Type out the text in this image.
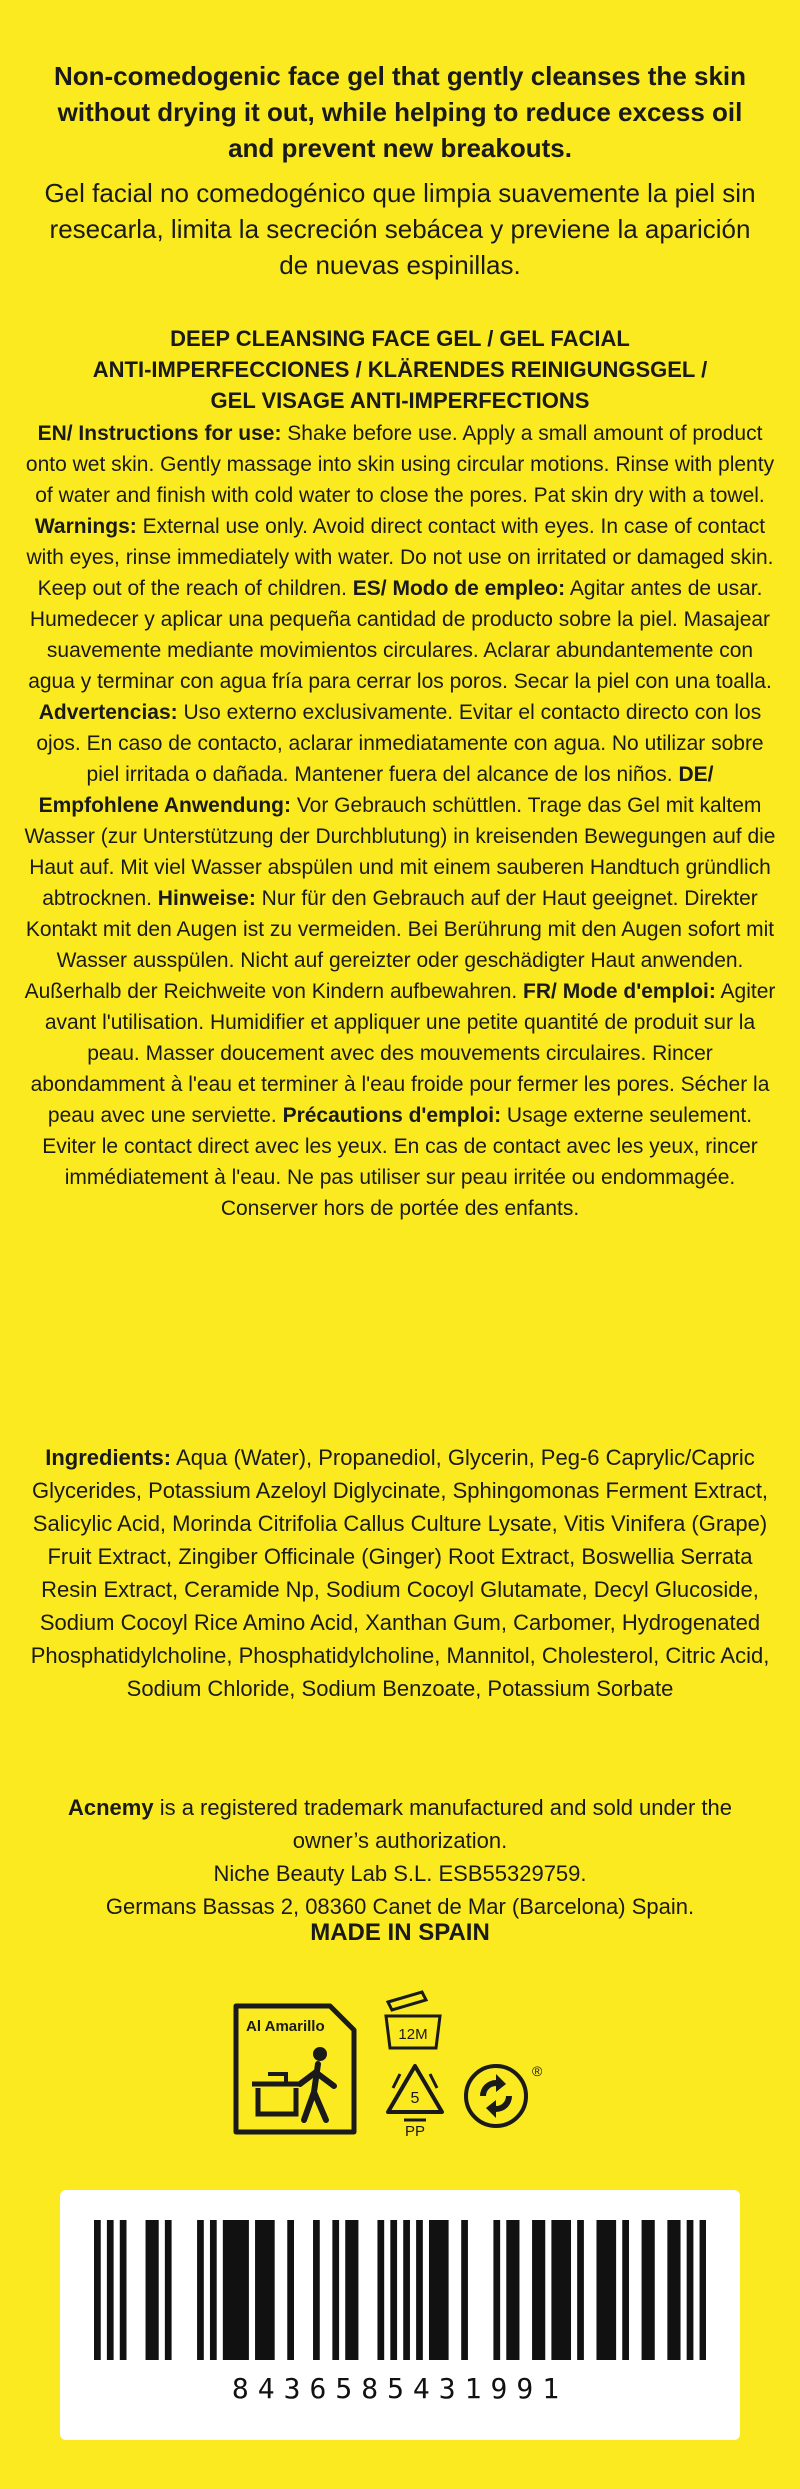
Non-comedogenic face gel that gently cleanses the skin without drying it out, while helping to reduce excess oil and prevent new breakouts.
Gel facial no comedogénico que limpia suavemente la piel sin resecarla, limita la secreción sebácea y previene la aparición de nuevas espinillas.
DEEP CLEANSING FACE GEL / GEL FACIAL
ANTI-IMPERFECCIONES / KLÄRENDES REINIGUNGSGEL /
GEL VISAGE ANTI-IMPERFECTIONS
EN/ Instructions for use: Shake before use. Apply a small amount of product onto wet skin. Gently massage into skin using circular motions. Rinse with plenty of water and finish with cold water to close the pores. Pat skin dry with a towel. Warnings: External use only. Avoid direct contact with eyes. In case of contact with eyes, rinse immediately with water. Do not use on irritated or damaged skin. Keep out of the reach of children. ES/ Modo de empleo: Agitar antes de usar. Humedecer y aplicar una pequeña cantidad de producto sobre la piel. Masajear suavemente mediante movimientos circulares. Aclarar abundantemente con agua y terminar con agua fría para cerrar los poros. Secar la piel con una toalla. Advertencias: Uso externo exclusivamente. Evitar el contacto directo con los ojos. En caso de contacto, aclarar inmediatamente con agua. No utilizar sobre piel irritada o dañada. Mantener fuera del alcance de los niños. DE/ Empfohlene Anwendung: Vor Gebrauch schüttlen. Trage das Gel mit kaltem Wasser (zur Unterstützung der Durchblutung) in kreisenden Bewegungen auf die Haut auf. Mit viel Wasser abspülen und mit einem sauberen Handtuch gründlich abtrocknen. Hinweise: Nur für den Gebrauch auf der Haut geeignet. Direkter Kontakt mit den Augen ist zu vermeiden. Bei Berührung mit den Augen sofort mit Wasser ausspülen. Nicht auf gereizter oder geschädigter Haut anwenden. Außerhalb der Reichweite von Kindern aufbewahren. FR/ Mode d'emploi: Agiter avant l'utilisation. Humidifier et appliquer une petite quantité de produit sur la peau. Masser doucement avec des mouvements circulaires. Rincer abondamment à l'eau et terminer à l'eau froide pour fermer les pores. Sécher la peau avec une serviette. Précautions d'emploi: Usage externe seulement. Eviter le contact direct avec les yeux. En cas de contact avec les yeux, rincer immédiatement à l'eau. Ne pas utiliser sur peau irritée ou endommagée. Conserver hors de portée des enfants.
Ingredients: Aqua (Water), Propanediol, Glycerin, Peg-6 Caprylic/Capric Glycerides, Potassium Azeloyl Diglycinate, Sphingomonas Ferment Extract, Salicylic Acid, Morinda Citrifolia Callus Culture Lysate, Vitis Vinifera (Grape) Fruit Extract, Zingiber Officinale (Ginger) Root Extract, Boswellia Serrata Resin Extract, Ceramide Np, Sodium Cocoyl Glutamate, Decyl Glucoside, Sodium Cocoyl Rice Amino Acid, Xanthan Gum, Carbomer, Hydrogenated Phosphatidylcholine, Phosphatidylcholine, Mannitol, Cholesterol, Citric Acid, Sodium Chloride, Sodium Benzoate, Potassium Sorbate
Acnemy is a registered trademark manufactured and sold under the owner’s authorization.
Niche Beauty Lab S.L. ESB55329759.
Germans Bassas 2, 08360 Canet de Mar (Barcelona) Spain.
MADE IN SPAIN
Al Amarillo	12M
5
PP
®
8436585431991
